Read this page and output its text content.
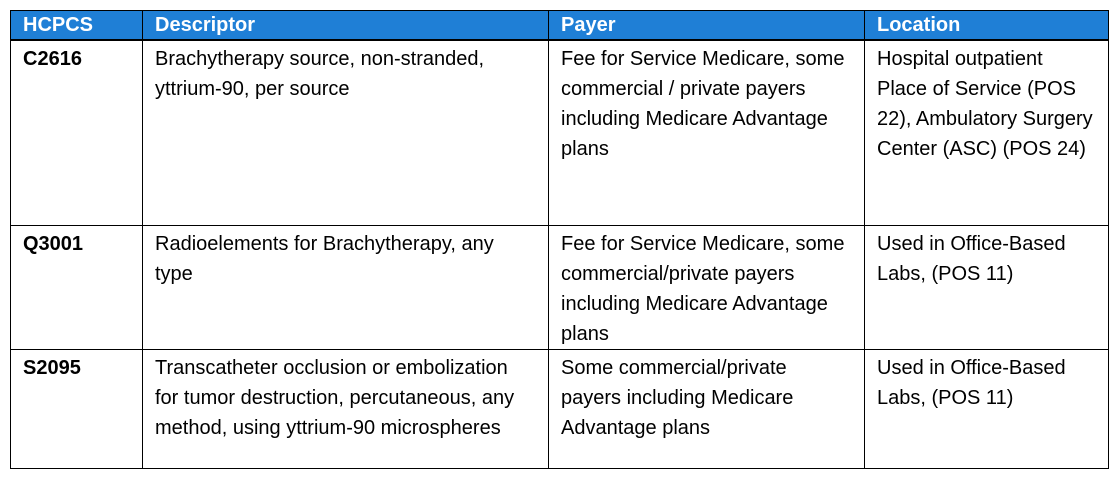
HCPCS	Descriptor	Payer	Location
C2616	Brachytherapy source, non-stranded, yttrium-90, per source	Fee for Service Medicare, some commercial / private payers including Medicare Advantage plans	Hospital outpatient Place of Service (POS 22), Ambulatory Surgery Center (ASC) (POS 24)
Q3001	Radioelements for Brachytherapy, any type	Fee for Service Medicare, some commercial/private payers including Medicare Advantage plans	Used in Office-Based Labs, (POS 11)
S2095	Transcatheter occlusion or embolization for tumor destruction, percutaneous, any method, using yttrium-90 microspheres	Some commercial/private payers including Medicare Advantage plans	Used in Office-Based Labs, (POS 11)
